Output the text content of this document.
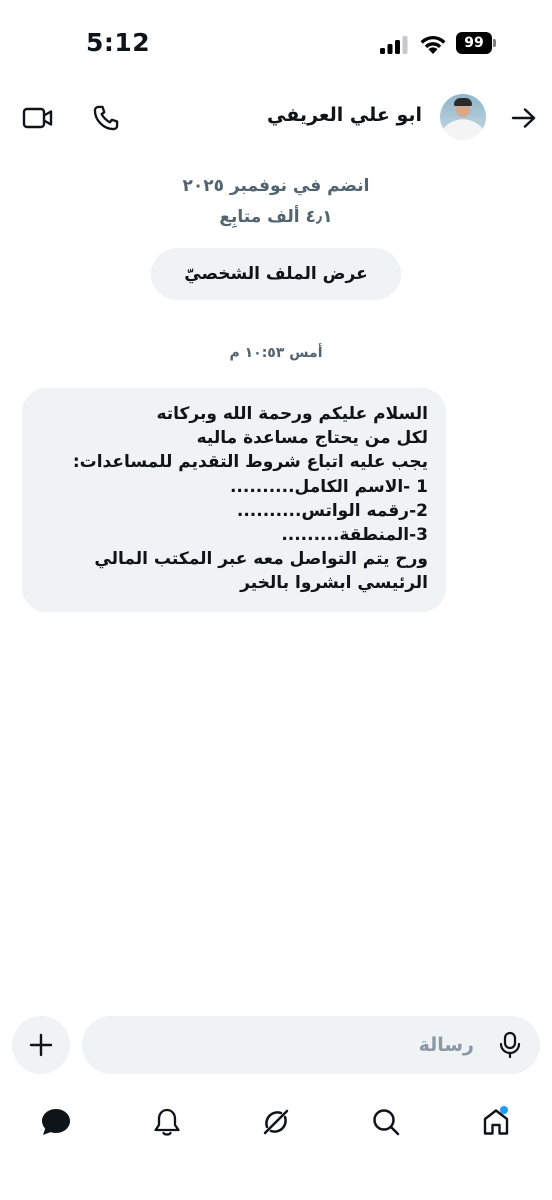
5:12	99
ابو علي العريفي
انضم في نوفمبر ٢٠٢٥
٤٫١ ألف متابِع
عرض الملف الشخصيّ
أمس ١٠:٥٣ م
السلام عليكم ورحمة الله وبركاته
لكل من يحتاج مساعدة ماليه
يجب عليه اتباع شروط التقديم للمساعدات:
1 -الاسم الكامل..........
2-رقمه الواتس..........
3-المنطقة.........
ورح يتم التواصل معه عبر المكتب المالي
الرئيسي ابشروا بالخير
رسالة
